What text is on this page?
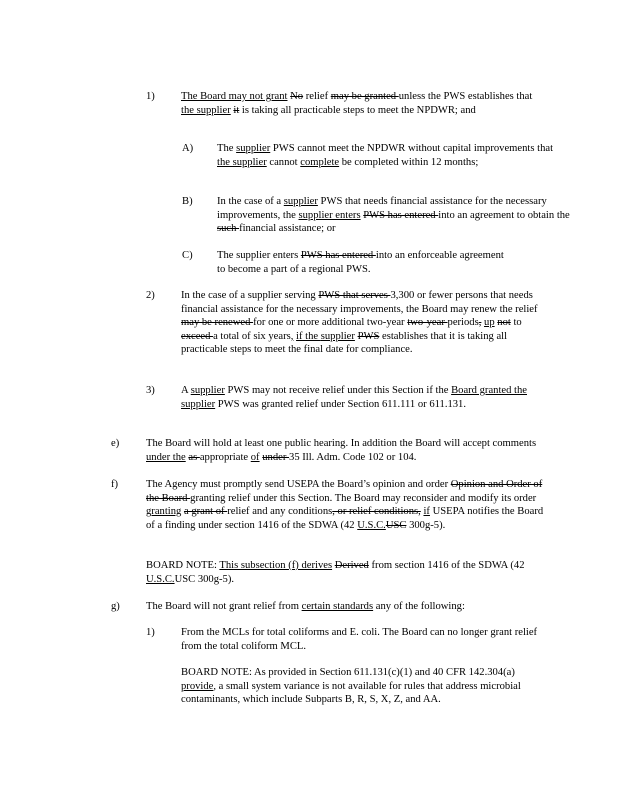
1) The Board may not grant No relief may be granted unless the PWS establishes that the supplier it is taking all practicable steps to meet the NPDWR; and

A) The supplier PWS cannot meet the NPDWR without capital improvements that the supplier cannot complete be completed within 12 months;

B) In the case of a supplier PWS that needs financial assistance for the necessary improvements, the supplier enters PWS has entered into an agreement to obtain the such financial assistance; or

C) The supplier enters PWS has entered into an enforceable agreement to become a part of a regional PWS.

2) In the case of a supplier serving PWS that serves 3,300 or fewer persons that needs financial assistance for the necessary improvements, the Board may renew the relief may be renewed for one or more additional two-year two-year periods, up not to exceed a total of six years, if the supplier PWS establishes that it is taking all practicable steps to meet the final date for compliance.

3) A supplier PWS may not receive relief under this Section if the Board granted the supplier PWS was granted relief under Section 611.111 or 611.131.

e)	The Board will hold at least one public hearing. In addition the Board will accept comments under the as appropriate of under 35 Ill. Adm. Code 102 or 104.

f)	The Agency must promptly send USEPA the Board’s opinion and order Opinion and Order of the Board granting relief under this Section. The Board may reconsider and modify its order granting a grant of relief and any conditions, or relief conditions, if USEPA notifies the Board of a finding under section 1416 of the SDWA (42 U.S.C.USC 300g-5).

BOARD NOTE: This subsection (f) derives Derived from section 1416 of the SDWA (42 U.S.C.USC 300g-5).

g) The Board will not grant relief from certain standards any of the following:

1) From the MCLs for total coliforms and E. coli. The Board can no longer grant relief from the total coliform MCL.

BOARD NOTE: As provided in Section 611.131(c)(1) and 40 CFR 142.304(a) provide, a small system variance is not available for rules that address microbial contaminants, which include Subparts B, R, S, X, Z, and AA.
